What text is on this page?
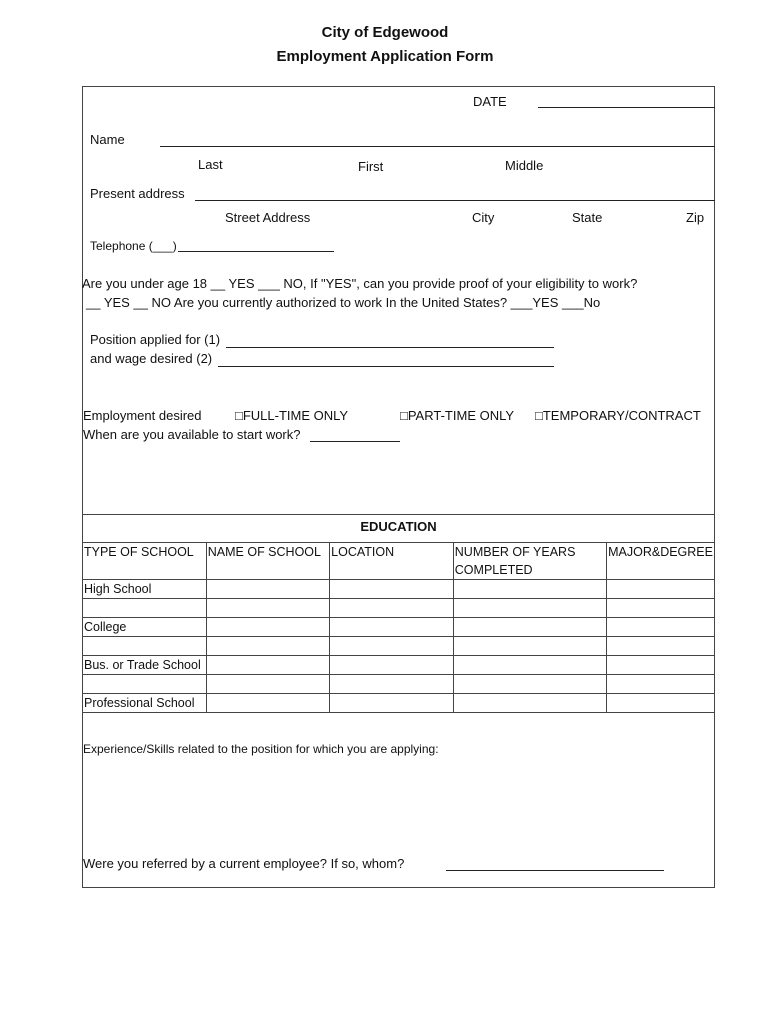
City of Edgewood
Employment Application Form
DATE
Name
Last	First	Middle
Present address
Street Address	City	State	Zip
Telephone (___)
Are you under age 18 __ YES ___ NO, If "YES", can you provide proof of your eligibility to work?
__ YES __ NO Are you currently authorized to work In the United States? ___YES ___No
Position applied for (1)
and wage desired (2)
Employment desired	□FULL-TIME ONLY	□PART-TIME ONLY □TEMPORARY/CONTRACT
When are you available to start work?
EDUCATION
TYPE OF SCHOOL	NAME OF SCHOOL	LOCATION	NUMBER OF YEARS COMPLETED	MAJOR&DEGREE
High School				

College				

Bus. or Trade School				

Professional School				
Experience/Skills related to the position for which you are applying:
Were you referred by a current employee? If so, whom?
